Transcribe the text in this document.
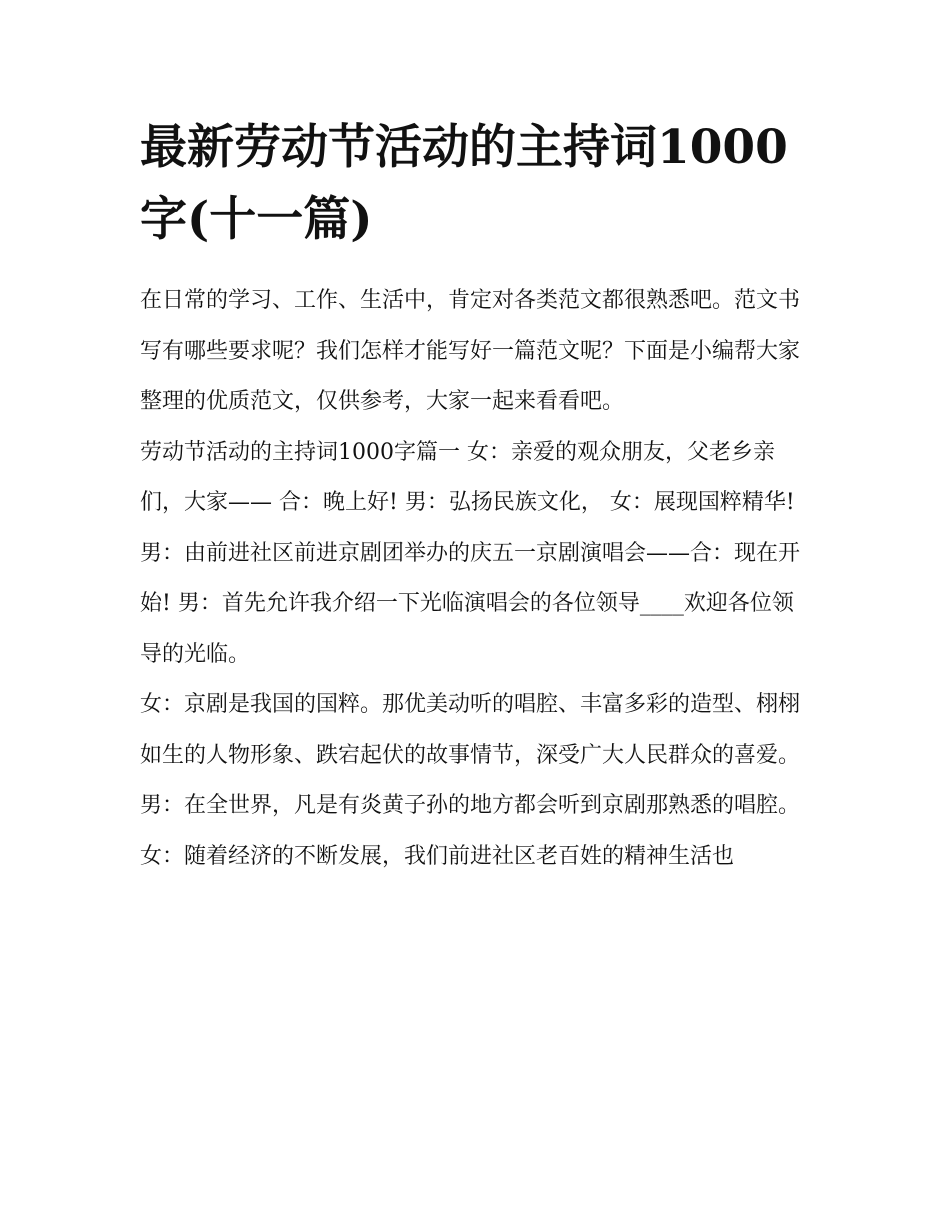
最新劳动节活动的主持词1000字(十一篇)

在日常的学习、工作、生活中，肯定对各类范文都很熟悉吧。范文书写有哪些要求呢？我们怎样才能写好一篇范文呢？下面是小编帮大家整理的优质范文，仅供参考，大家一起来看看吧。

劳动节活动的主持词1000字篇一 女：亲爱的观众朋友，父老乡亲们，大家—— 合：晚上好! 男：弘扬民族文化， 女：展现国粹精华!

男：由前进社区前进京剧团举办的庆五一京剧演唱会——合：现在开始! 男：首先允许我介绍一下光临演唱会的各位领导____欢迎各位领导的光临。

女：京剧是我国的国粹。那优美动听的唱腔、丰富多彩的造型、栩栩如生的人物形象、跌宕起伏的故事情节，深受广大人民群众的喜爱。

男：在全世界，凡是有炎黄子孙的地方都会听到京剧那熟悉的唱腔。

女：随着经济的不断发展，我们前进社区老百姓的精神生活也
